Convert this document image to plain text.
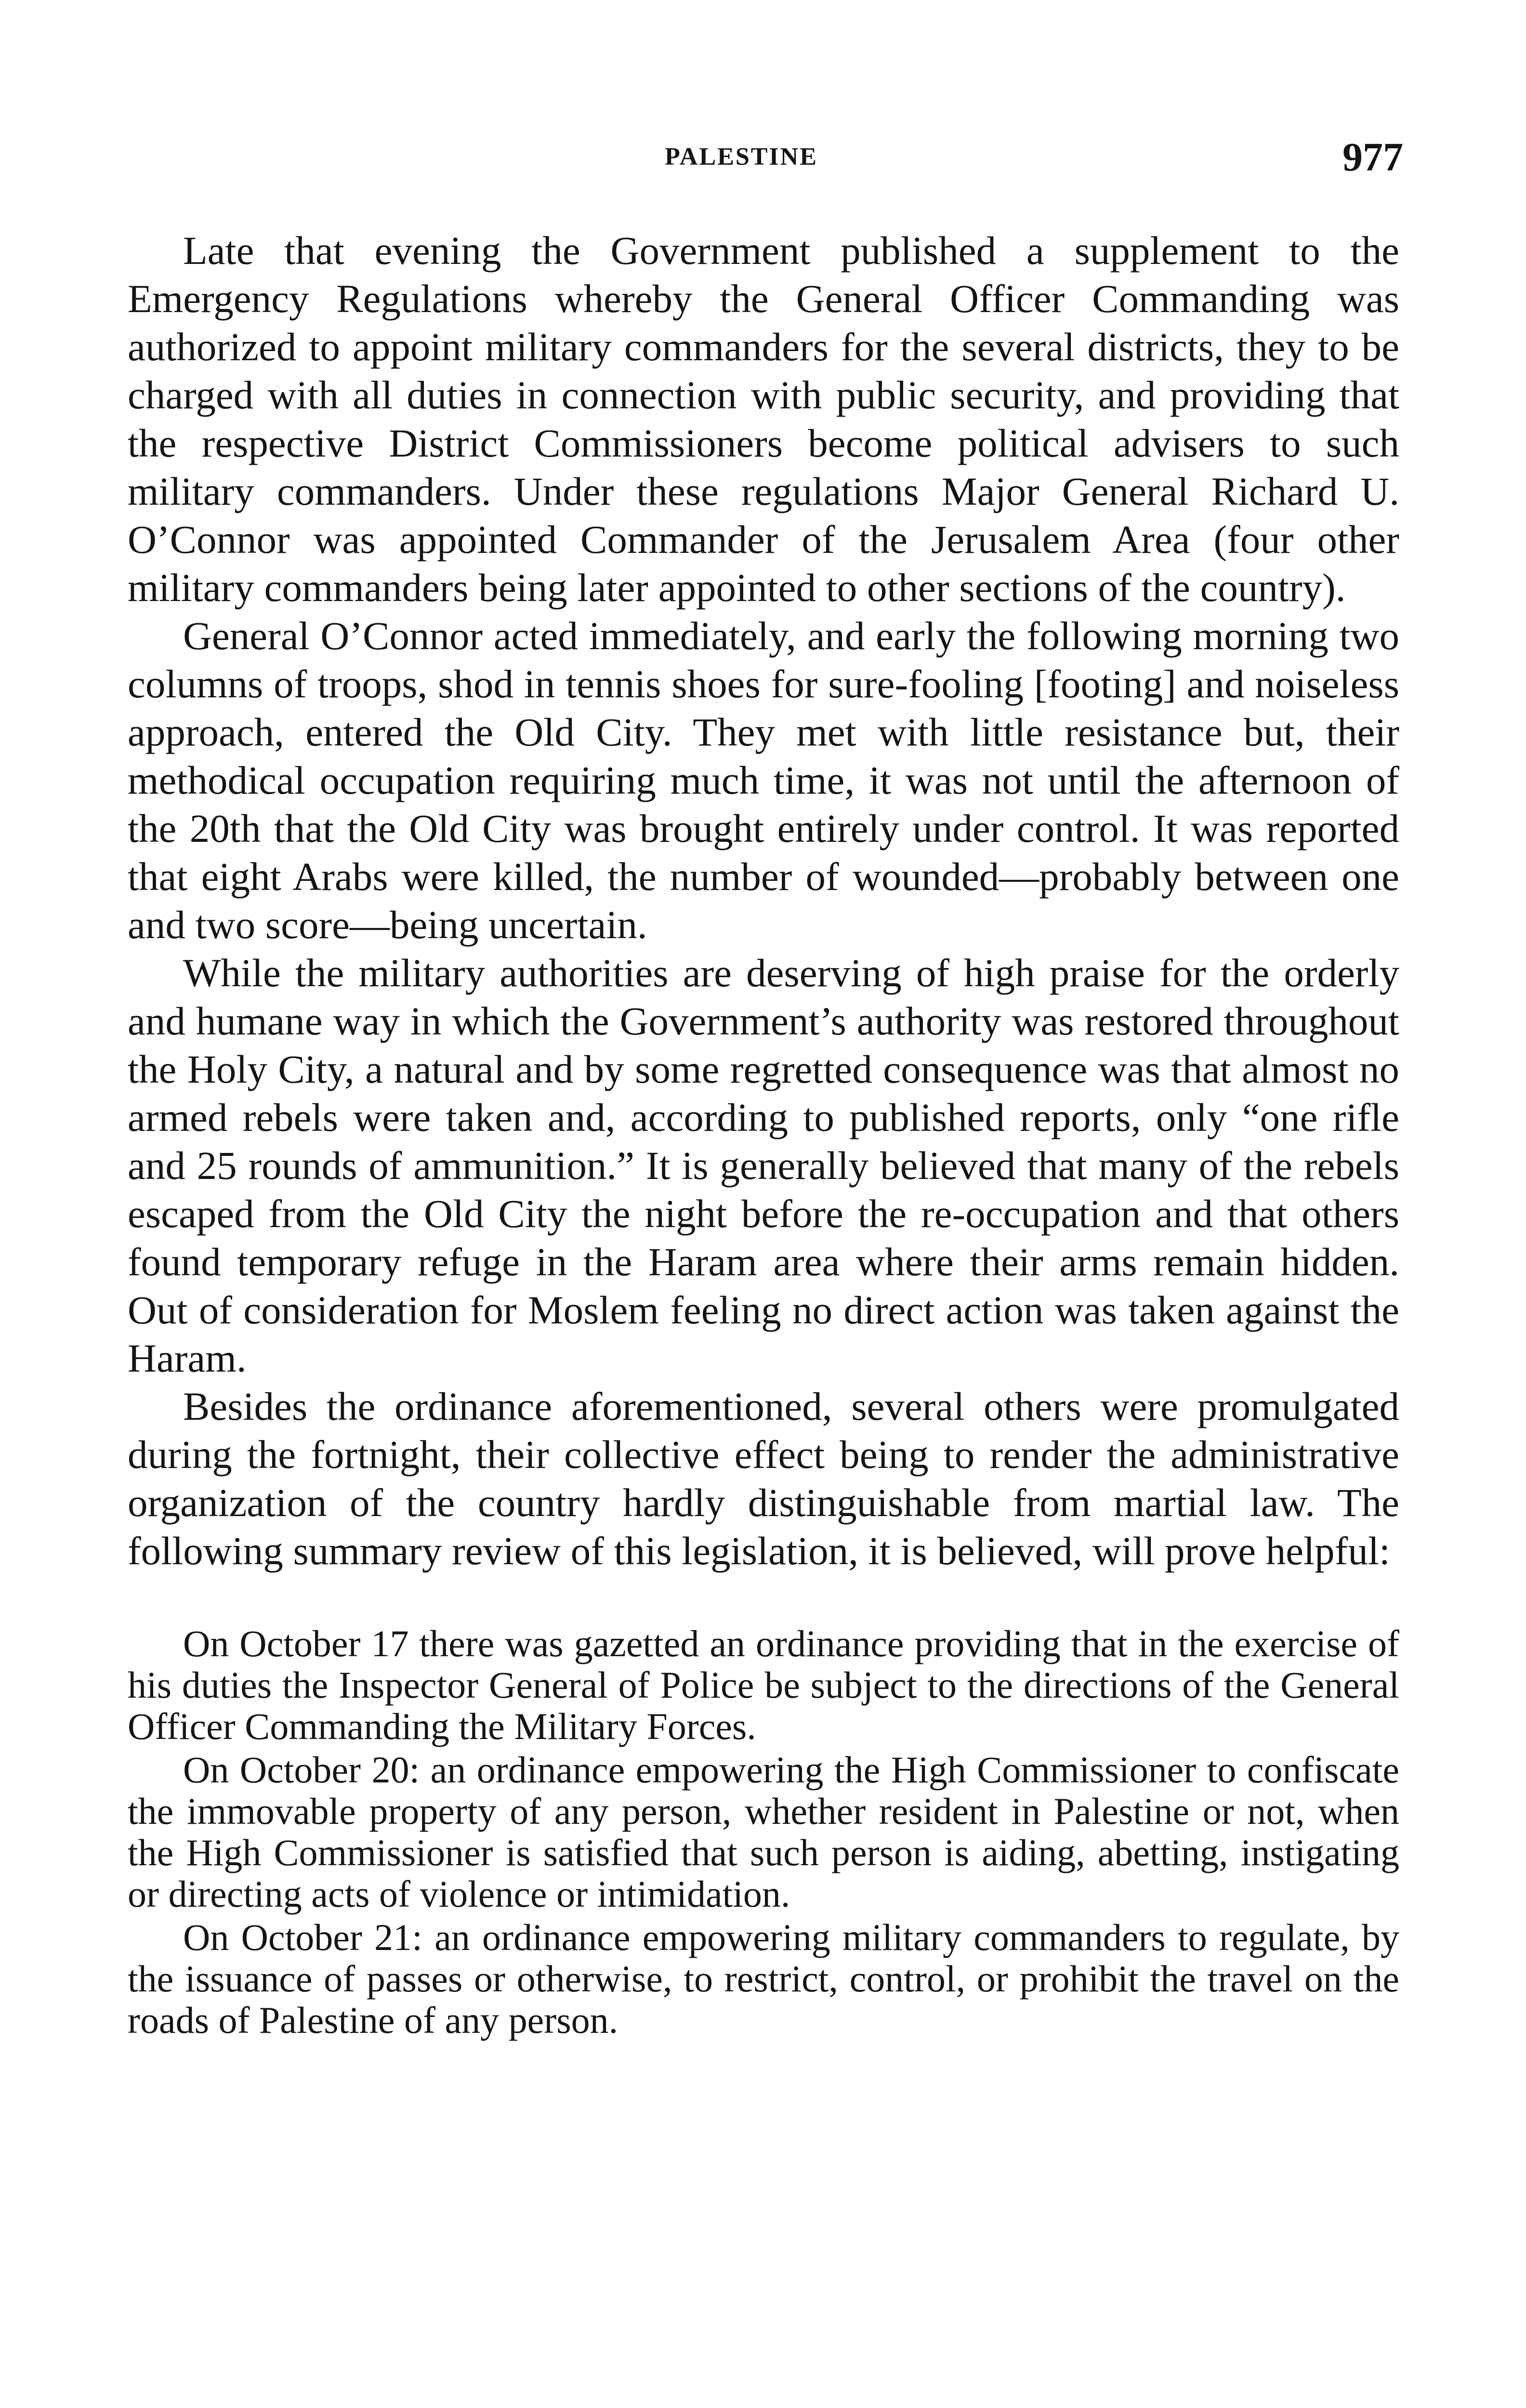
PALESTINE	977

Late that evening the Government published a supplement to the Emergency Regulations whereby the General Officer Commanding was authorized to appoint military commanders for the several districts, they to be charged with all duties in connection with public security, and providing that the respective District Commissioners become political advisers to such military commanders. Under these regulations Major General Richard U. O’Connor was appointed Commander of the Jerusalem Area (four other military commanders being later appointed to other sections of the country).

General O’Connor acted immediately, and early the following morning two columns of troops, shod in tennis shoes for sure-fooling [footing] and noiseless approach, entered the Old City. They met with little resistance but, their methodical occupation requiring much time, it was not until the afternoon of the 20th that the Old City was brought entirely under control. It was reported that eight Arabs were killed, the number of wounded—probably between one and two score—being uncertain.

While the military authorities are deserving of high praise for the orderly and humane way in which the Government’s authority was restored throughout the Holy City, a natural and by some regretted consequence was that almost no armed rebels were taken and, according to published reports, only “one rifle and 25 rounds of ammunition.” It is generally believed that many of the rebels escaped from the Old City the night before the re-occupation and that others found temporary refuge in the Haram area where their arms remain hidden. Out of consideration for Moslem feeling no direct action was taken against the Haram.

Besides the ordinance aforementioned, several others were promulgated during the fortnight, their collective effect being to render the administrative organization of the country hardly distinguishable from martial law. The following summary review of this legislation, it is believed, will prove helpful:

On October 17 there was gazetted an ordinance providing that in the exercise of his duties the Inspector General of Police be subject to the directions of the General Officer Commanding the Military Forces.

On October 20: an ordinance empowering the High Commissioner to confiscate the immovable property of any person, whether resident in Palestine or not, when the High Commissioner is satisfied that such person is aiding, abetting, instigating or directing acts of violence or intimidation.

On October 21: an ordinance empowering military commanders to regulate, by the issuance of passes or otherwise, to restrict, control, or prohibit the travel on the roads of Palestine of any person.
